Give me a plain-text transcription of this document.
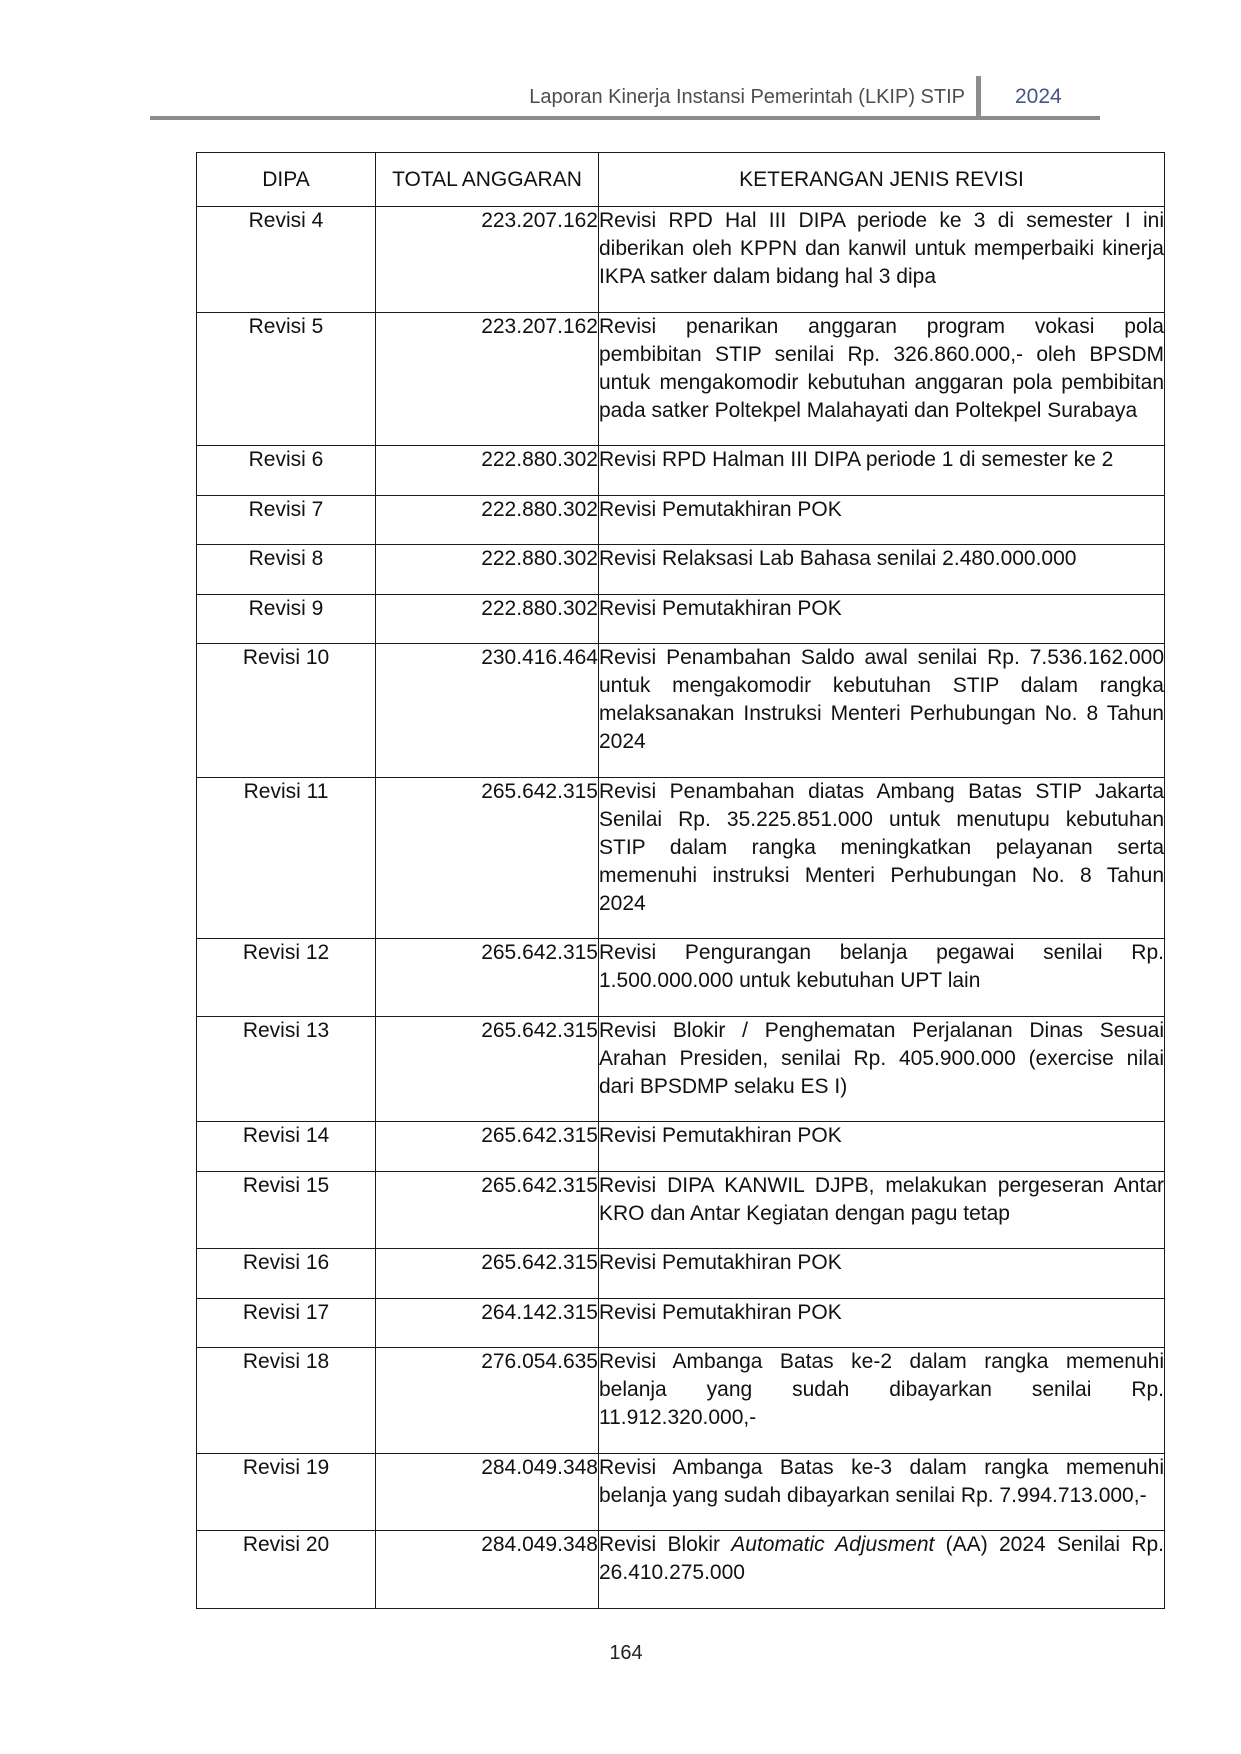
Laporan Kinerja Instansi Pemerintah (LKIP) STIP 2024
DIPA	TOTAL ANGGARAN	KETERANGAN JENIS REVISI
Revisi 4	223.207.162	Revisi RPD Hal III DIPA periode ke 3 di semester I ini
diberikan oleh KPPN dan kanwil untuk memperbaiki kinerja
IKPA satker dalam bidang hal 3 dipa

Revisi 5	223.207.162	Revisi penarikan anggaran program vokasi pola
pembibitan STIP senilai Rp. 326.860.000,- oleh BPSDM
untuk mengakomodir kebutuhan anggaran pola pembibitan
pada satker Poltekpel Malahayati dan Poltekpel Surabaya

Revisi 6	222.880.302	Revisi RPD Halman III DIPA periode 1 di semester ke 2

Revisi 7	222.880.302	Revisi Pemutakhiran POK

Revisi 8	222.880.302	Revisi Relaksasi Lab Bahasa senilai 2.480.000.000

Revisi 9	222.880.302	Revisi Pemutakhiran POK

Revisi 10	230.416.464	Revisi Penambahan Saldo awal senilai Rp. 7.536.162.000
untuk mengakomodir kebutuhan STIP dalam rangka
melaksanakan Instruksi Menteri Perhubungan No. 8 Tahun
2024

Revisi 11	265.642.315	Revisi Penambahan diatas Ambang Batas STIP Jakarta
Senilai Rp. 35.225.851.000 untuk menutupu kebutuhan
STIP dalam rangka meningkatkan pelayanan serta
memenuhi instruksi Menteri Perhubungan No. 8 Tahun
2024

Revisi 12	265.642.315	Revisi Pengurangan belanja pegawai senilai Rp.
1.500.000.000 untuk kebutuhan UPT lain

Revisi 13	265.642.315	Revisi Blokir / Penghematan Perjalanan Dinas Sesuai
Arahan Presiden, senilai Rp. 405.900.000 (exercise nilai
dari BPSDMP selaku ES I)

Revisi 14	265.642.315	Revisi Pemutakhiran POK

Revisi 15	265.642.315	Revisi DIPA KANWIL DJPB, melakukan pergeseran Antar
KRO dan Antar Kegiatan dengan pagu tetap

Revisi 16	265.642.315	Revisi Pemutakhiran POK

Revisi 17	264.142.315	Revisi Pemutakhiran POK

Revisi 18	276.054.635	Revisi Ambanga Batas ke-2 dalam rangka memenuhi
belanja yang sudah dibayarkan senilai Rp.
11.912.320.000,-

Revisi 19	284.049.348	Revisi Ambanga Batas ke-3 dalam rangka memenuhi
belanja yang sudah dibayarkan senilai Rp. 7.994.713.000,-

Revisi 20	284.049.348	Revisi Blokir Automatic Adjusment (AA) 2024 Senilai Rp.
26.410.275.000
164
